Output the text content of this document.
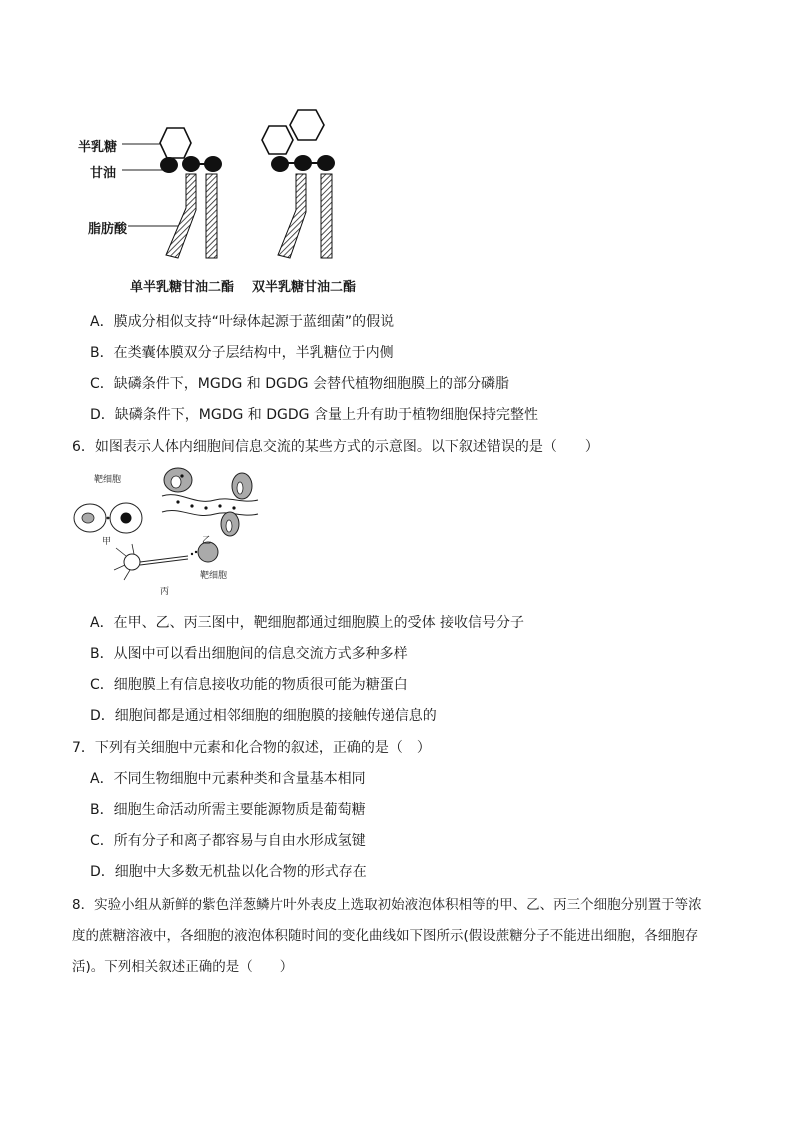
半乳糖
甘油
脂肪酸
单半乳糖甘油二酯 双半乳糖甘油二酯
A．膜成分相似支持“叶绿体起源于蓝细菌”的假说
B．在类囊体膜双分子层结构中，半乳糖位于内侧
C．缺磷条件下，MGDG 和 DGDG 会替代植物细胞膜上的部分磷脂
D．缺磷条件下，MGDG 和 DGDG 含量上升有助于植物细胞保持完整性
6．如图表示人体内细胞间信息交流的某些方式的示意图。以下叙述错误的是（　　）
靶细胞
甲	乙
靶细胞
丙
A．在甲、乙、丙三图中，靶细胞都通过细胞膜上的受体 接收信号分子
B．从图中可以看出细胞间的信息交流方式多种多样
C．细胞膜上有信息接收功能的物质很可能为糖蛋白
D．细胞间都是通过相邻细胞的细胞膜的接触传递信息的
7．下列有关细胞中元素和化合物的叙述，正确的是（　）
A．不同生物细胞中元素种类和含量基本相同
B．细胞生命活动所需主要能源物质是葡萄糖
C．所有分子和离子都容易与自由水形成氢键
D．细胞中大多数无机盐以化合物的形式存在
8．实验小组从新鲜的紫色洋葱鳞片叶外表皮上选取初始液泡体积相等的甲、乙、丙三个细胞分别置于等浓
度的蔗糖溶液中，各细胞的液泡体积随时间的变化曲线如下图所示(假设蔗糖分子不能进出细胞，各细胞存
活)。下列相关叙述正确的是（　　）
